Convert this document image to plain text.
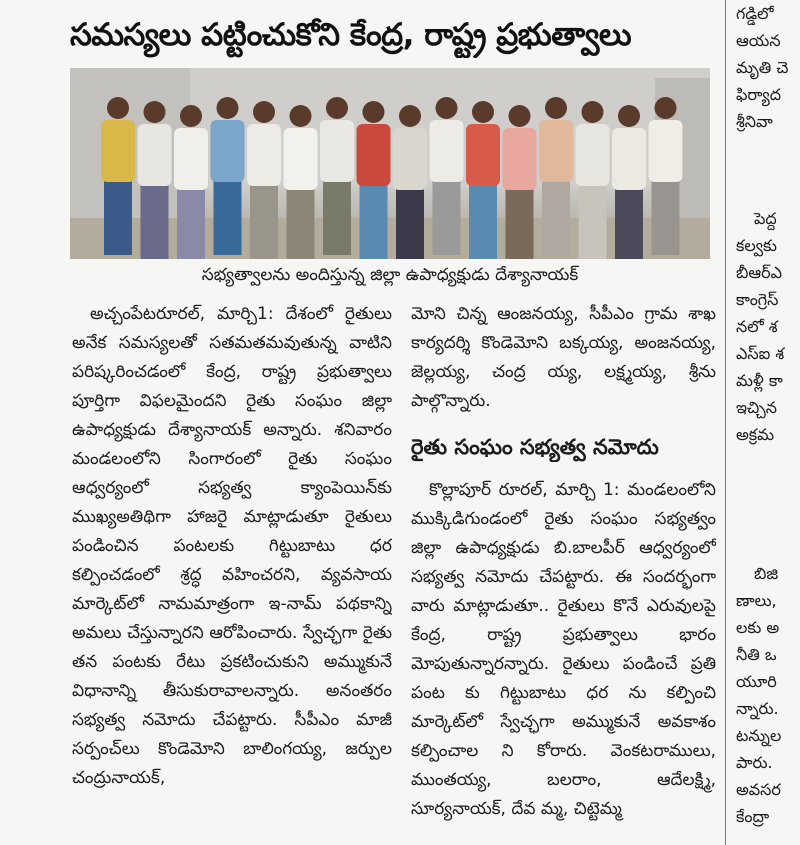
సమస్యలు పట్టించుకోని కేంద్ర, రాష్ట్ర ప్రభుత్వాలు
సభ్యత్వాలను అందిస్తున్న జిల్లా ఉపాధ్యక్షుడు దేశ్యానాయక్

అచ్చంపేటరూరల్, మార్చి1: దేశంలో రైతులు అనేక సమస్యలతో సతమతమవుతున్న వాటిని పరిష్కరించడంలో కేంద్ర, రాష్ట్ర ప్రభుత్వాలు పూర్తిగా విఫలమైందని రైతు సంఘం జిల్లా ఉపాధ్యక్షుడు దేశ్యానాయక్ అన్నారు. శనివారం మండలంలోని సింగారంలో రైతు సంఘం ఆధ్వర్యంలో సభ్యత్వ క్యాంపెయిన్‌కు ముఖ్యఅతిథిగా హాజరై మాట్లాడుతూ రైతులు పండించిన పంటలకు గిట్టుబాటు ధర కల్పించడంలో శ్రద్ధ వహించరని, వ్యవసాయ మార్కెట్‌లో నామమాత్రంగా ఇ-నామ్ పథకాన్ని అమలు చేస్తున్నారని ఆరోపించారు. స్వేచ్ఛగా రైతు తన పంటకు రేటు ప్రకటించుకుని అమ్ముకునే విధానాన్ని తీసుకురావాలన్నారు. అనంతరం సభ్యత్వ నమోదు చేపట్టారు. సీపీఎం మాజీ సర్పంచ్‌లు కొండెమోని బాలింగయ్య, జర్పుల చంద్రునాయక్,

మోని చిన్న ఆంజనయ్య, సీపీఎం గ్రామ శాఖ కార్యదర్శి కొండెమోని బక్కయ్య, అంజనయ్య, జెల్లయ్య, చంద్ర య్య, లక్ష్మయ్య, శ్రీను పాల్గొన్నారు.

రైతు సంఘం సభ్యత్వ నమోదు

కొల్లాపూర్ రూరల్, మార్చి 1: మండలంలోని ముక్కిడిగుండంలో రైతు సంఘం సభ్యత్వం జిల్లా ఉపాధ్యక్షుడు బి.బాలపీర్ ఆధ్వర్యంలో సభ్యత్వ నమోదు చేపట్టారు. ఈ సందర్భంగా వారు మాట్లాడుతూ.. రైతులు కొనే ఎరువులపై కేంద్ర, రాష్ట్ర ప్రభుత్వాలు భారం మోపుతున్నారన్నారు. రైతులు పండించే ప్రతి పంట కు గిట్టుబాటు ధర ను కల్పించి మార్కెట్‌లో స్వేచ్ఛగా అమ్ముకునే అవకాశం కల్పించాల ని కోరారు. వెంకటరాములు, ముంతయ్య, బలరాం, ఆదేలక్ష్మి, సూర్యనాయక్, దేవ మ్మ, చిట్టెమ్మ

గడ్డిలో
ఆయన
మృతి చె
ఫిర్యాద
శ్రీనివా
పెద్ద
కల్వకు
బీఆర్ఎ
కాంగ్రెస్
నలో శ
ఎస్ఐ శ
మళ్లీ కా
ఇచ్చిన
అక్రమ
బిజి
ణాలు,
లకు అ
నీతి ఒ
యూరి
న్నారు.
టన్నుల
పారు.
అవసర
కేంద్రా
